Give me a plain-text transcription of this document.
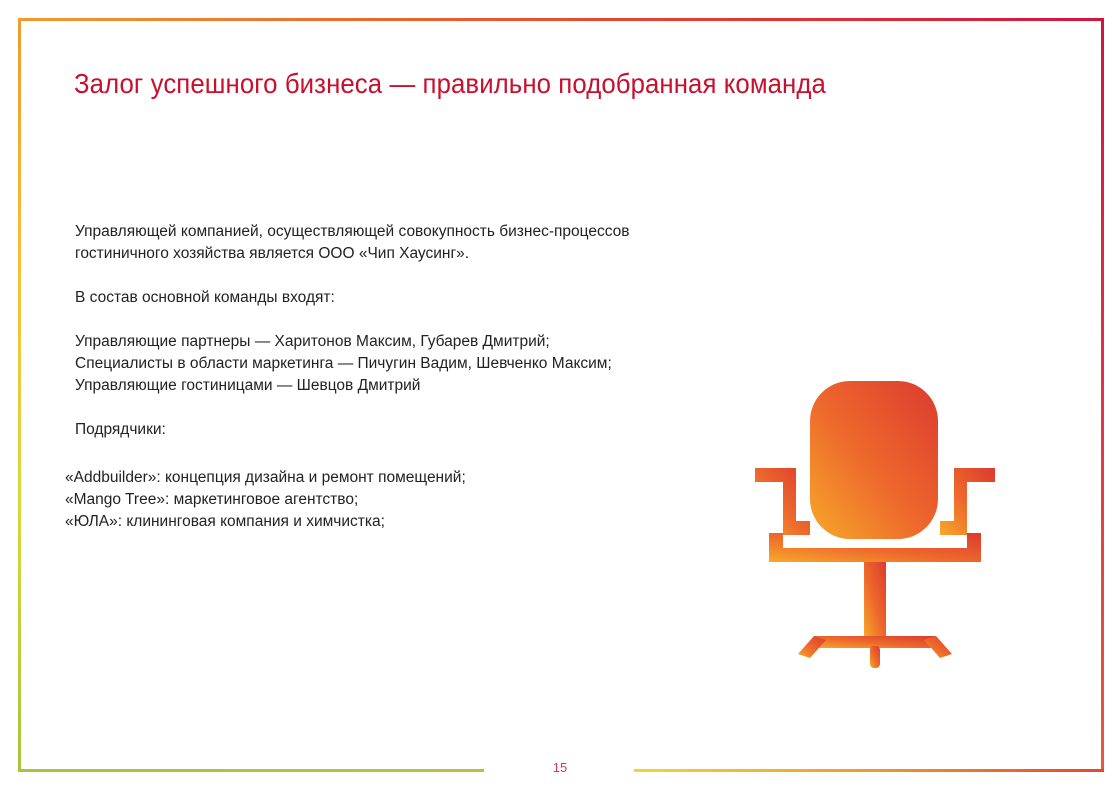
Залог успешного бизнеса — правильно подобранная команда

Управляющей компанией, осуществляющей совокупность бизнес-процессов
гостиничного хозяйства является ООО «Чип Хаусинг».

В состав основной команды входят:

Управляющие партнеры — Харитонов Максим, Губарев Дмитрий;
Специалисты в области маркетинга — Пичугин Вадим, Шевченко Максим;
Управляющие гостиницами — Шевцов Дмитрий

Подрядчики:

«Addbuilder»: концепция дизайна и ремонт помещений;
«Mango Tree»: маркетинговое агентство;
«ЮЛА»: клининговая компания и химчистка;
15
